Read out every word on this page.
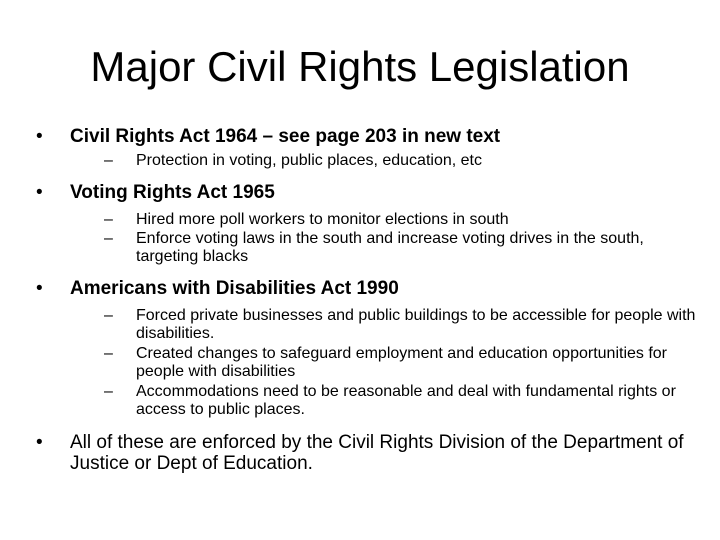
Major Civil Rights Legislation
•	Civil Rights Act 1964 – see page 203 in new text
–	Protection in voting, public places, education, etc
•	Voting Rights Act 1965
–	Hired more poll workers to monitor elections in south
–	Enforce voting laws in the south and increase voting drives in the south, targeting blacks
•	Americans with Disabilities Act 1990
–	Forced private businesses and public buildings to be accessible for people with disabilities.
–	Created changes to safeguard employment and education opportunities for people with disabilities
–	Accommodations need to be reasonable and deal with fundamental rights or access to public places.
•	All of these are enforced by the Civil Rights Division of the Department of Justice or Dept of Education.
